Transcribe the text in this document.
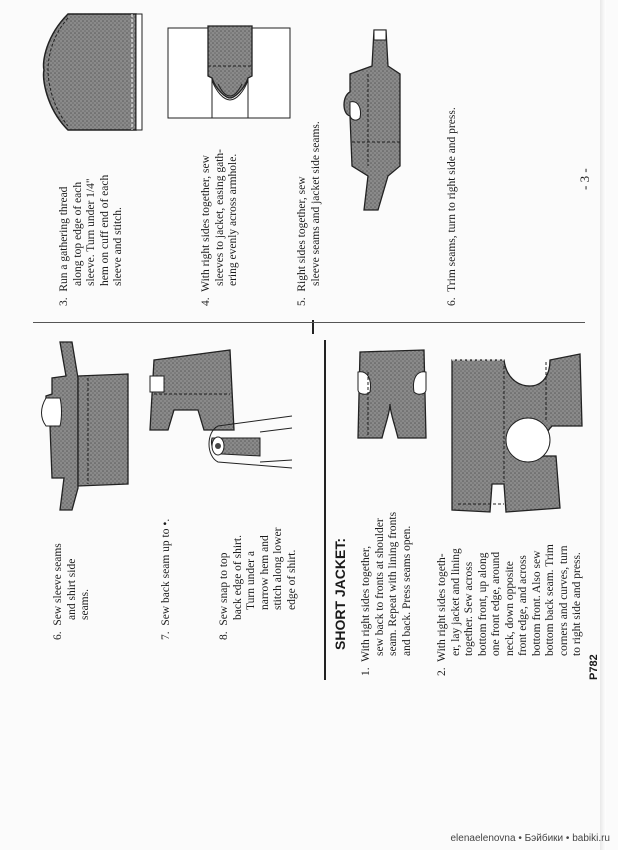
6.  Sew sleeve seams and shirt side seams.
7.  Sew back seam up to •.
8.  Sew snap to top back edge of shirt. Turn under a narrow hem and stitch along lower edge of shirt. SHORT JACKET:
1.  With right sides together, sew back to fronts at shoulder seam. Repeat with lining fronts and back. Press seams open.
2.  With right sides togeth- er, lay jacket and lining together. Sew across bottom front, up along one front edge, around neck, down opposite front edge, and across bottom front. Also sew bottom back seam. Trim corners and curves, turn to right side and press.
P782
3.  Run a gathering thread along top edge of each sleeve. Turn under 1/4" hem on cuff end of each sleeve and stitch.
4.  With right sides together, sew sleeves to jacket, easing gath- ering evenly across armhole.
5.  Right sides together, sew sleeve seams and jacket side seams.
6.  Trim seams, turn to right side and press.	- 3 -
elenaelenovna • Бэйбики • babiki.ru
